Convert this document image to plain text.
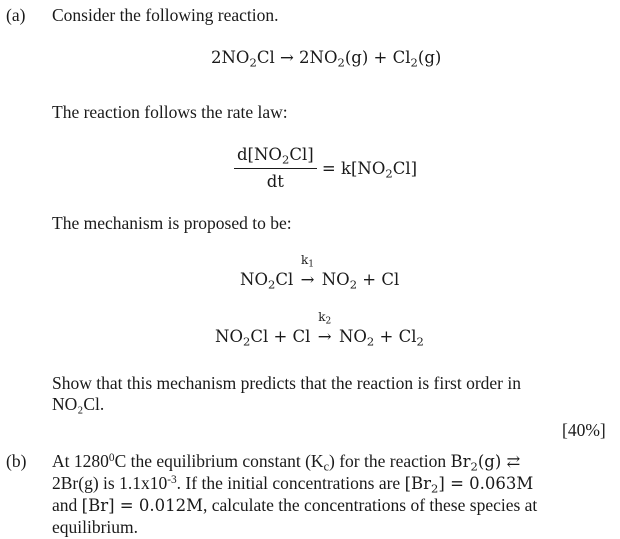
(a) Consider the following reaction.
$2NO_2Cl \to 2NO_2(g) + Cl_2(g)$
The reaction follows the rate law:
$\frac{d[NO_2Cl]}{dt} = k[NO_2Cl]$
The mechanism is proposed to be:
$NO_2Cl$
$k_1$
→ $NO_2 + Cl$
$NO_2Cl + Cl$
$k_2$
→ $NO_2 + Cl_2$
Show that this mechanism predicts that the reaction is first order in
NO₂Cl.
[40%]
(b) At 1280$^0$C the equilibrium constant $(K_c)$ for the reaction $Br_2(g)$ ⇄
2Br(g) is $1.1x10^{-3}$. If the initial concentrations are $[Br_2] = 0.063M$
and [Br] = 0.012M, calculate the concentrations of these species at
equilibrium.
